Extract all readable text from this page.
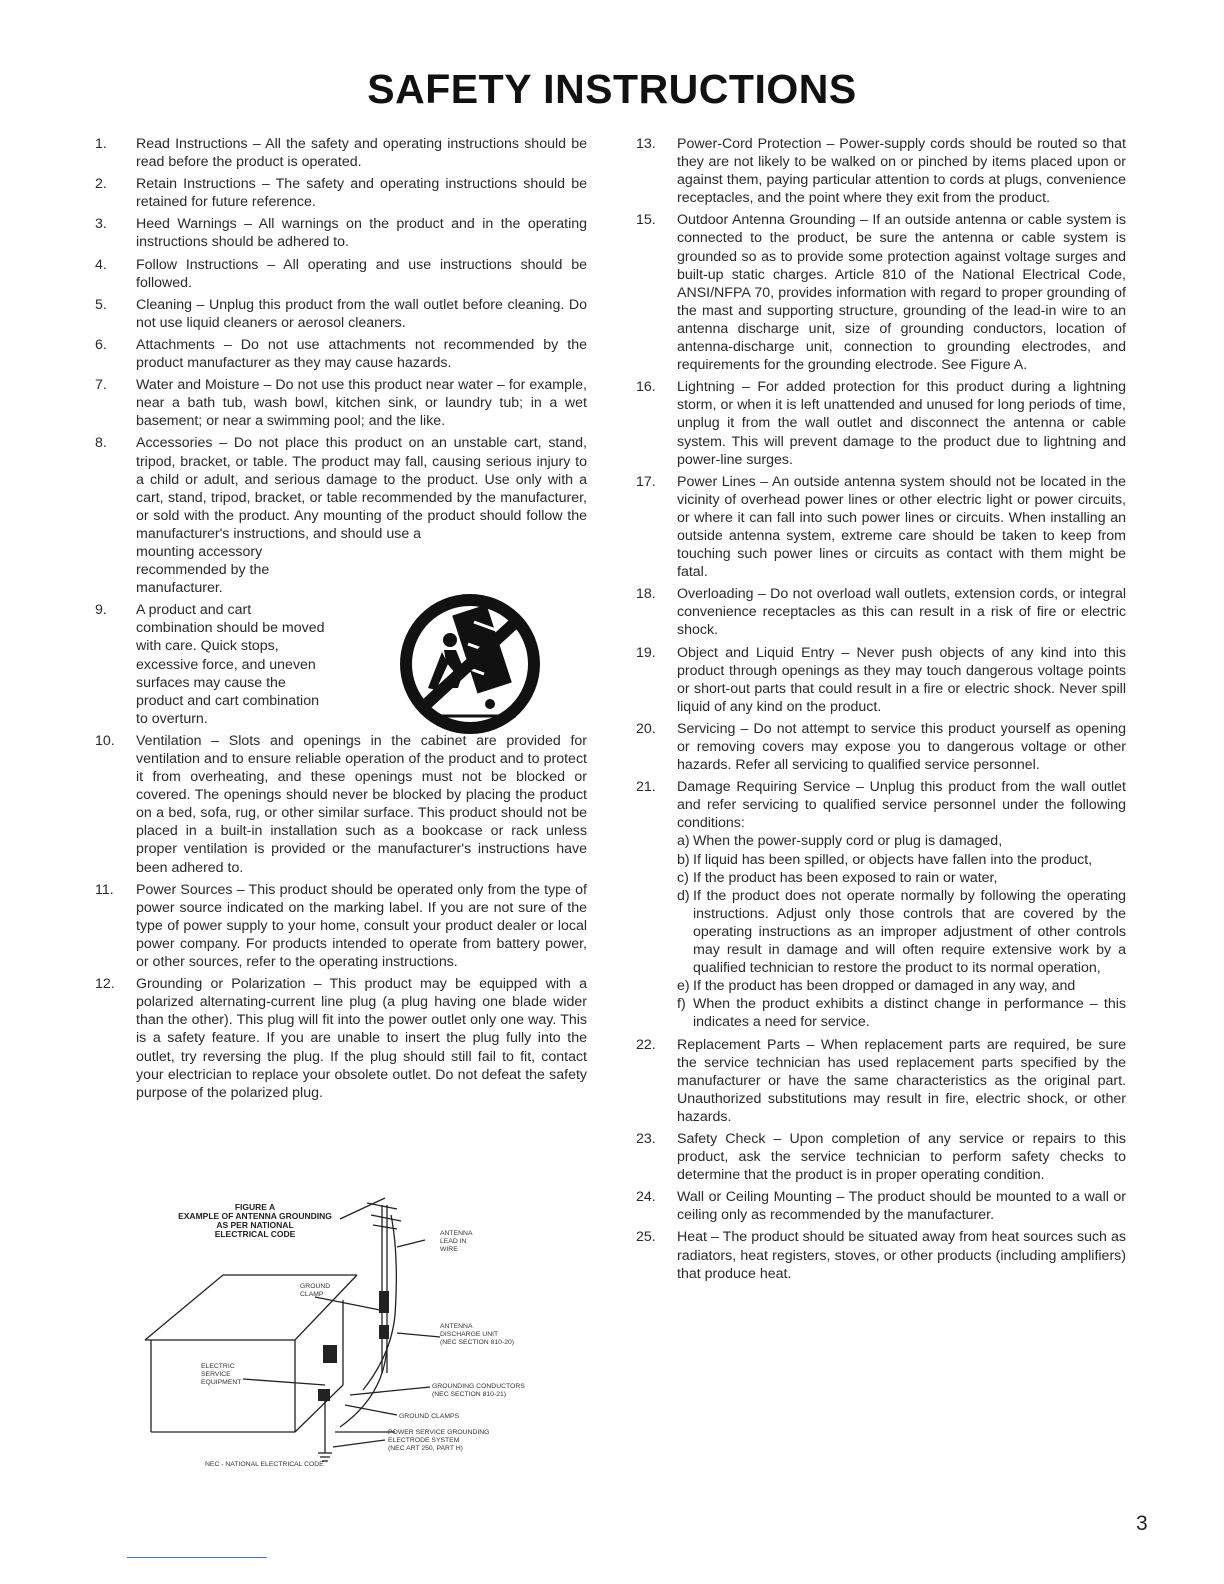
SAFETY INSTRUCTIONS
1.	Read Instructions – All the safety and operating instructions should be read before the product is operated.
2.	Retain Instructions – The safety and operating instructions should be retained for future reference.
3.	Heed Warnings – All warnings on the product and in the operating instructions should be adhered to.
4.	Follow Instructions – All operating and use instructions should be followed.
5.	Cleaning – Unplug this product from the wall outlet before cleaning. Do not use liquid cleaners or aerosol cleaners.
6.	Attachments – Do not use attachments not recommended by the product manufacturer as they may cause hazards.
7.	Water and Moisture – Do not use this product near water – for example, near a bath tub, wash bowl, kitchen sink, or laundry tub; in a wet basement; or near a swimming pool; and the like.
8.	Accessories – Do not place this product on an unstable cart, stand, tripod, bracket, or table. The product may fall, causing serious injury to a child or adult, and serious damage to the product. Use only with a cart, stand, tripod, bracket, or table recommended by the manufacturer, or sold with the product. Any mounting of the product should follow the manufacturer's instructions, and should use a
mounting accessory recommended by the manufacturer.
9.	A product and cart combination should be moved with care. Quick stops, excessive force, and uneven surfaces may cause the product and cart combination to overturn.
10.	Ventilation – Slots and openings in the cabinet are provided for ventilation and to ensure reliable operation of the product and to protect it from overheating, and these openings must not be blocked or covered. The openings should never be blocked by placing the product on a bed, sofa, rug, or other similar surface. This product should not be placed in a built-in installation such as a bookcase or rack unless proper ventilation is provided or the manufacturer's instructions have been adhered to.
11.	Power Sources – This product should be operated only from the type of power source indicated on the marking label. If you are not sure of the type of power supply to your home, consult your product dealer or local power company. For products intended to operate from battery power, or other sources, refer to the operating instructions.
12.	Grounding or Polarization – This product may be equipped with a polarized alternating-current line plug (a plug having one blade wider than the other). This plug will fit into the power outlet only one way. This is a safety feature. If you are unable to insert the plug fully into the outlet, try reversing the plug. If the plug should still fail to fit, contact your electrician to replace your obsolete outlet. Do not defeat the safety purpose of the polarized plug.
13.	Power-Cord Protection – Power-supply cords should be routed so that they are not likely to be walked on or pinched by items placed upon or against them, paying particular attention to cords at plugs, convenience receptacles, and the point where they exit from the product.
15.	Outdoor Antenna Grounding – If an outside antenna or cable system is connected to the product, be sure the antenna or cable system is grounded so as to provide some protection against voltage surges and built-up static charges. Article 810 of the National Electrical Code, ANSI/NFPA 70, provides information with regard to proper grounding of the mast and supporting structure, grounding of the lead-in wire to an antenna discharge unit, size of grounding conductors, location of antenna-discharge unit, connection to grounding electrodes, and requirements for the grounding electrode. See Figure A.
16.	Lightning – For added protection for this product during a lightning storm, or when it is left unattended and unused for long periods of time, unplug it from the wall outlet and disconnect the antenna or cable system. This will prevent damage to the product due to lightning and power-line surges.
17.	Power Lines – An outside antenna system should not be located in the vicinity of overhead power lines or other electric light or power circuits, or where it can fall into such power lines or circuits. When installing an outside antenna system, extreme care should be taken to keep from touching such power lines or circuits as contact with them might be fatal.
18.	Overloading – Do not overload wall outlets, extension cords, or integral convenience receptacles as this can result in a risk of fire or electric shock.
19.	Object and Liquid Entry – Never push objects of any kind into this product through openings as they may touch dangerous voltage points or short-out parts that could result in a fire or electric shock. Never spill liquid of any kind on the product.
20.	Servicing – Do not attempt to service this product yourself as opening or removing covers may expose you to dangerous voltage or other hazards. Refer all servicing to qualified service personnel.
21.	Damage Requiring Service – Unplug this product from the wall outlet and refer servicing to qualified service personnel under the following conditions:
a) When the power-supply cord or plug is damaged,
b) If liquid has been spilled, or objects have fallen into the product,
c) If the product has been exposed to rain or water,
d) If the product does not operate normally by following the operating instructions. Adjust only those controls that are covered by the operating instructions as an improper adjustment of other controls may result in damage and will often require extensive work by a qualified technician to restore the product to its normal operation,
e) If the product has been dropped or damaged in any way, and
f) When the product exhibits a distinct change in performance – this indicates a need for service.
22.	Replacement Parts – When replacement parts are required, be sure the service technician has used replacement parts specified by the manufacturer or have the same characteristics as the original part. Unauthorized substitutions may result in fire, electric shock, or other hazards.
23.	Safety Check – Upon completion of any service or repairs to this product, ask the service technician to perform safety checks to determine that the product is in proper operating condition.
24.	Wall or Ceiling Mounting – The product should be mounted to a wall or ceiling only as recommended by the manufacturer.
25.	Heat – The product should be situated away from heat sources such as radiators, heat registers, stoves, or other products (including amplifiers) that produce heat.
FIGURE A
EXAMPLE OF ANTENNA GROUNDING
AS PER NATIONAL
ELECTRICAL CODE	ANTENNA
LEAD IN
WIRE
GROUND
CLAMP
ANTENNA
DISCHARGE UNIT
(NEC SECTION 810-20)
ELECTRIC
SERVICE
EQUIPMENT
GROUNDING CONDUCTORS
(NEC SECTION 810-21)
GROUND CLAMPS
POWER SERVICE GROUNDING
ELECTRODE SYSTEM
(NEC ART 250, PART H)
NEC - NATIONAL ELECTRICAL CODE
3
